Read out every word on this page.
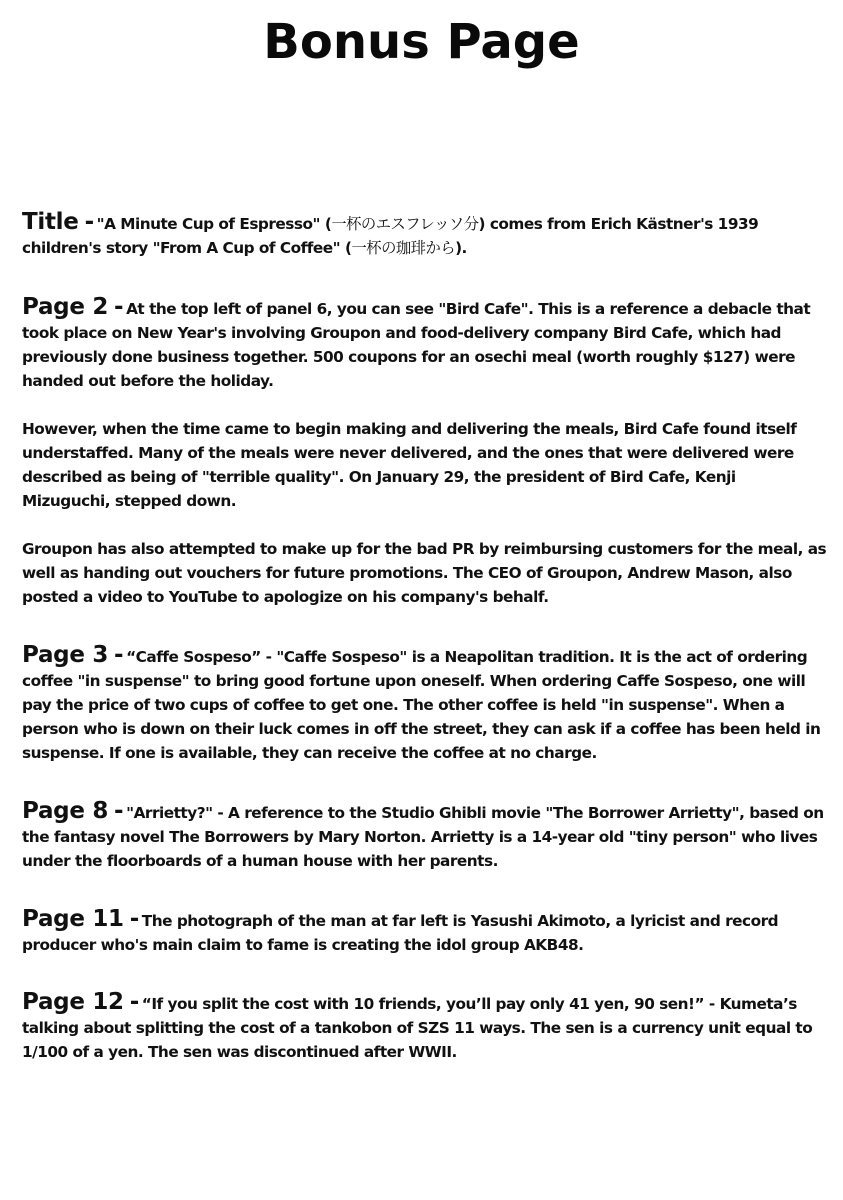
Bonus Page

Title - "A Minute Cup of Espresso" (一杯のエスフレッソ分) comes from Erich Kästner's 1939 children's story "From A Cup of Coffee" (一杯の珈琲から).

Page 2 - At the top left of panel 6, you can see "Bird Cafe". This is a reference a debacle that took place on New Year's involving Groupon and food-delivery company Bird Cafe, which had previously done business together. 500 coupons for an osechi meal (worth roughly $127) were handed out before the holiday.

However, when the time came to begin making and delivering the meals, Bird Cafe found itself understaffed. Many of the meals were never delivered, and the ones that were delivered were described as being of "terrible quality". On January 29, the president of Bird Cafe, Kenji Mizuguchi, stepped down.

Groupon has also attempted to make up for the bad PR by reimbursing customers for the meal, as well as handing out vouchers for future promotions. The CEO of Groupon, Andrew Mason, also posted a video to YouTube to apologize on his company's behalf.

Page 3 - “Caffe Sospeso” - "Caffe Sospeso" is a Neapolitan tradition. It is the act of ordering coffee "in suspense" to bring good fortune upon oneself. When ordering Caffe Sospeso, one will pay the price of two cups of coffee to get one. The other coffee is held "in suspense". When a person who is down on their luck comes in off the street, they can ask if a coffee has been held in suspense. If one is available, they can receive the coffee at no charge.

Page 8 - "Arrietty?" - A reference to the Studio Ghibli movie "The Borrower Arrietty", based on the fantasy novel The Borrowers by Mary Norton. Arrietty is a 14-year old "tiny person" who lives under the floorboards of a human house with her parents.

Page 11 - The photograph of the man at far left is Yasushi Akimoto, a lyricist and record producer who's main claim to fame is creating the idol group AKB48.

Page 12 - “If you split the cost with 10 friends, you’ll pay only 41 yen, 90 sen!” - Kumeta’s talking about splitting the cost of a tankobon of SZS 11 ways. The sen is a currency unit equal to 1/100 of a yen. The sen was discontinued after WWII.
